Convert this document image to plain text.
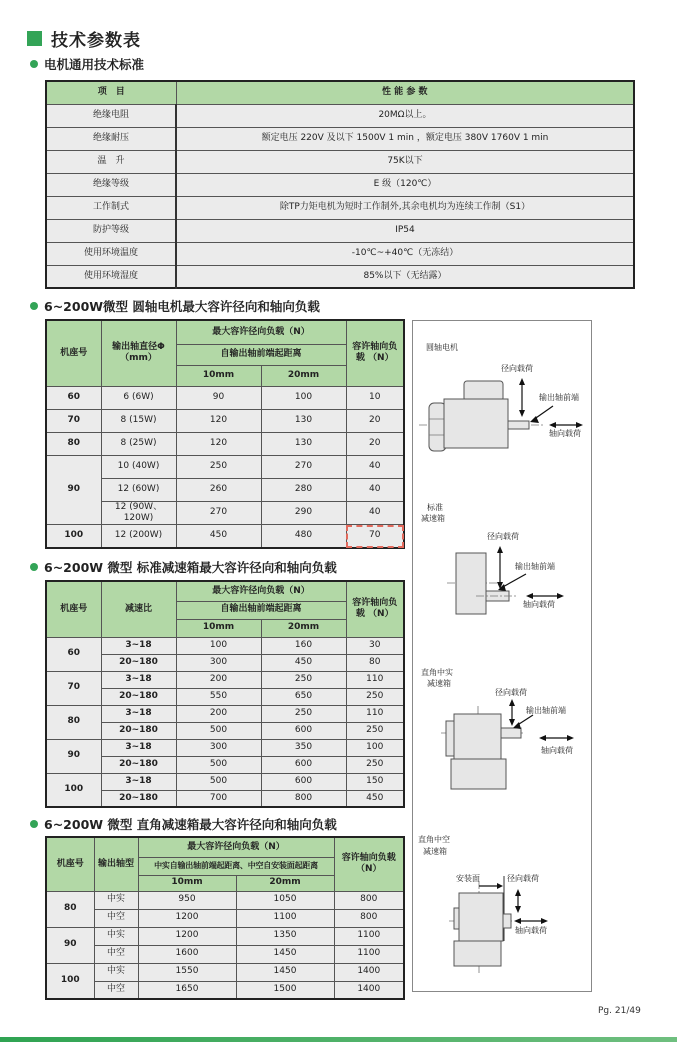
技术参数表
电机通用技术标准
项　目	性 能 参 数
绝缘电阻	20MΩ以上。
绝缘耐压	额定电压 220V 及以下 1500V 1 min ，额定电压 380V 1760V 1 min
温　升	75K以下
绝缘等级	E 级（120℃）
工作制式	除TP力矩电机为短时工作制外,其余电机均为连续工作制（S1）
防护等级	IP54
使用环境温度	-10℃~+40℃（无冻结）
使用环境湿度	85%以下（无结露）
6~200W微型 圆轴电机最大容许径向和轴向负载
机座号	输出轴直径Φ （mm）	最大容许径向负载（N）		容许轴向负载 （N）
		自输出轴前端起距离		
		10mm	20mm	
60	6 (6W)	90	100	10
70	8 (15W)	120	130	20
80	8 (25W)	120	130	20
90	10 (40W)	250	270	40
	12 (60W)	260	280	40
	12 (90W、120W)	270	290	40
100	12 (200W)	450	480	70
6~200W 微型 标准减速箱最大容许径向和轴向负载
机座号	减速比	最大容许径向负载（N）		容许轴向负载 （N）
		自输出轴前端起距离		
		10mm	20mm	
60	3~18	100	160	30
	20~180	300	450	80
70	3~18	200	250	110
	20~180	550	650	250
80	3~18	200	250	110
	20~180	500	600	250
90	3~18	300	350	100
	20~180	500	600	250
100	3~18	500	600	150
	20~180	700	800	450
6~200W 微型 直角减速箱最大容许径向和轴向负载
机座号	输出轴型	最大容许径向负载（N）		容许轴向负载 （N）
		中实自输出轴前端起距离、中空自安装面起距离		
		10mm	20mm	
80	中实	950	1050	800
	中空	1200	1100	800
90	中实	1200	1350	1100
	中空	1600	1450	1100
100	中实	1550	1450	1400
	中空	1650	1500	1400
圆轴电机
径向载荷
输出轴前端
轴向载荷
标准
减速箱
径向载荷
输出轴前端
轴向载荷
直角中实
减速箱
径向载荷
输出轴前端
轴向载荷
直角中空
减速箱
安装面	径向载荷
轴向载荷
Pg. 21/49
